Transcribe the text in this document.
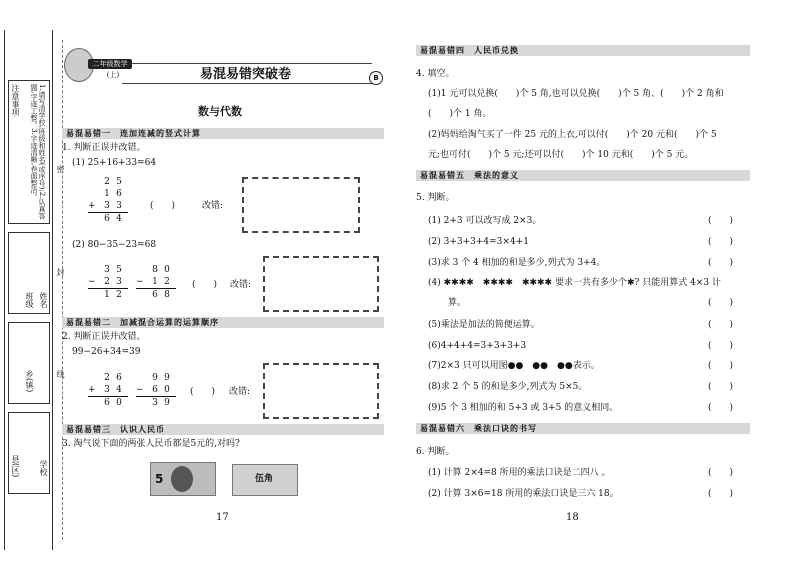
注意事项	1.请写清学校,班级和姓名(或序号);2.认真答题,字迹工整。3.字迹清晰,卷面整洁。
班级 姓名
乡(镇)
县(区) 学校
密
封
线
二年级数学
(上)	易混易错突破卷	B
数与代数
易混易错一　连加连减的竖式计算
1. 判断正误并改错。
(1) 25+16+33=64
2 5
1 6
+ 3 3
6 4
(　　)	改错:
(2) 80−35−23=68
3 5
− 2 3
1 2
8 0
− 1 2
6 8
(　　) 改错:
易混易错二　加减混合运算的运算顺序
2. 判断正误并改错。
99−26+34=39
2 6
+ 3 4
6 0
9 9
− 6 0
3 9
(　　) 改错:
易混易错三　认识人民币
3. 淘气说下面的两张人民币都是5元的,对吗?
5	伍角
17
易混易错四　人民币兑换
4. 填空。
(1)1 元可以兑换(　　)个 5 角,也可以兑换(　　)个 5 角、(　　)个 2 角和
(　　)个 1 角。
(2)妈妈给淘气买了一件 25 元的上衣,可以付(　　)个 20 元和(　　)个 5
元;也可付(　　)个 5 元;还可以付(　　)个 10 元和(　　)个 5 元。
易混易错五　乘法的意义
5. 判断。
(1) 2+3 可以改写成 2×3。	(　　)
(2) 3+3+3+4=3×4+1	(　　)
(3)求 3 个 4 相加的和是多少,列式为 3+4。	(　　)
(4) ✱✱✱✱　✱✱✱✱　✱✱✱✱ 要求一共有多少个✱? 只能用算式 4×3 计
算。	(　　)
(5)乘法是加法的简便运算。	(　　)
(6)4+4+4=3+3+3+3	(　　)
(7)2×3 只可以用图●●　●●　●●表示。	(　　)
(8)求 2 个 5 的和是多少,列式为 5×5。	(　　)
(9)5 个 3 相加的和 5+3 或 3+5 的意义相同。	(　　)
易混易错六　乘法口诀的书写
6. 判断。
(1) 计算 2×4=8 所用的乘法口诀是二四八 。	(　　)
(2) 计算 3×6=18 所用的乘法口诀是三六 18。	(　　)
18
